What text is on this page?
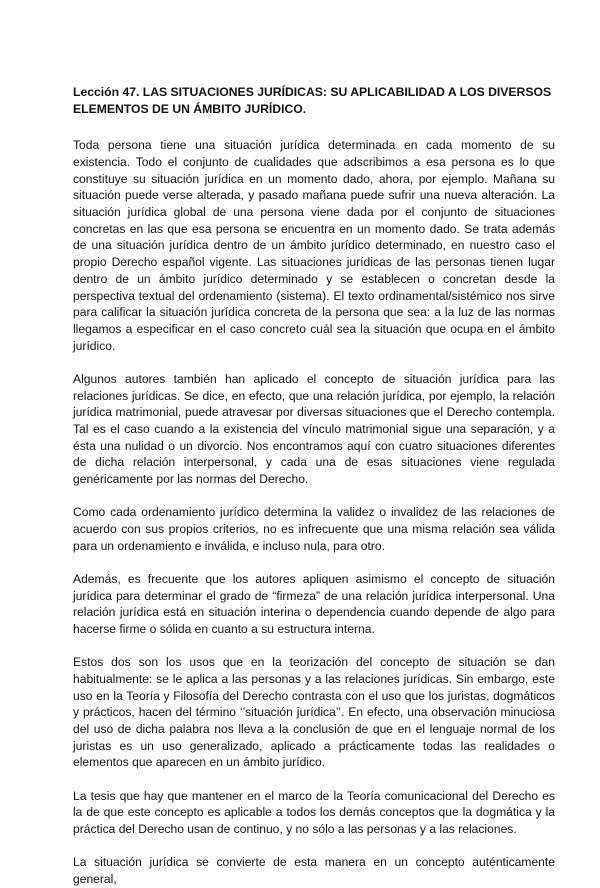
Lección 47. LAS SITUACIONES JURÍDICAS: SU APLICABILIDAD A LOS DIVERSOS ELEMENTOS DE UN ÁMBITO JURÍDICO.

Toda persona tiene una situación jurídica determinada en cada momento de su existencia. Todo el conjunto de cualidades que adscribimos a esa persona es lo que constituye su situación jurídica en un momento dado, ahora, por ejemplo. Mañana su situación puede verse alterada, y pasado mañana puede sufrir una nueva alteración. La situación jurídica global de una persona viene dada por el conjunto de situaciones concretas en las que esa persona se encuentra en un momento dado. Se trata además de una situación jurídica dentro de un ámbito jurídico determinado, en nuestro caso el propio Derecho español vigente. Las situaciones jurídicas de las personas tienen lugar dentro de un ámbito jurídico determinado y se establecen o concretan desde la perspectiva textual del ordenamiento (sistema). El texto ordinamental/sistémico nos sirve para calificar la situación jurídica concreta de la persona que sea: a la luz de las normas llegamos a especificar en el caso concreto cuál sea la situación que ocupa en el ámbito jurídico.

Algunos autores también han aplicado el concepto de situación jurídica para las relaciones jurídicas. Se dice, en efecto, que una relación jurídica, por ejemplo, la relación jurídica matrimonial, puede atravesar por diversas situaciones que el Derecho contempla. Tal es el caso cuando a la existencia del vínculo matrimonial sigue una separación, y a ésta una nulidad o un divorcio. Nos encontramos aquí con cuatro situaciones diferentes de dicha relación interpersonal, y cada una de esas situaciones viene regulada genéricamente por las normas del Derecho.

Como cada ordenamiento jurídico determina la validez o invalidez de las relaciones de acuerdo con sus propios criterios, no es infrecuente que una misma relación sea válida para un ordenamiento e inválida, e incluso nula, para otro.

Además, es frecuente que los autores apliquen asimismo el concepto de situación jurídica para determinar el grado de “firmeza” de una relación jurídica interpersonal. Una relación jurídica está en situación interina o dependencia cuando depende de algo para hacerse firme o sólida en cuanto a su estructura interna.

Estos dos son los usos que en la teorización del concepto de situación se dan habitualmente: se le aplica a las personas y a las relaciones jurídicas. Sin embargo, este uso en la Teoría y Filosofía del Derecho contrasta con el uso que los juristas, dogmáticos y prácticos, hacen del término ‘’situación jurídica’’. En efecto, una observación minuciosa del uso de dicha palabra nos lleva a la conclusión de que en el lenguaje normal de los juristas es un uso generalizado, aplicado a prácticamente todas las realidades o elementos que aparecen en un ámbito jurídico.

La tesis que hay que mantener en el marco de la Teoría comunicacional del Derecho es la de que este concepto es aplicable a todos los demás conceptos que la dogmática y la práctica del Derecho usan de continuo, y no sólo a las personas y a las relaciones.

La situación jurídica se convierte de esta manera en un concepto auténticamente general,
